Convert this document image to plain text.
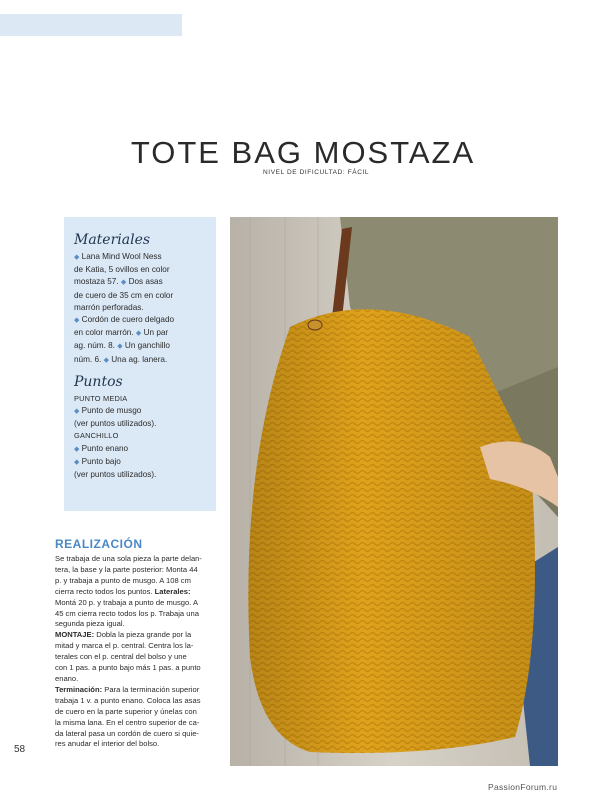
TOTE BAG MOSTAZA
NIVEL DE DIFICULTAD: FÁCIL
Materiales
◆ Lana Mind Wool Ness
de Katia, 5 ovillos en color
mostaza 57. ◆ Dos asas
de cuero de 35 cm en color
marrón perforadas.
◆ Cordón de cuero delgado
en color marrón. ◆ Un par
ag. núm. 8. ◆ Un ganchillo
núm. 6. ◆ Una ag. lanera.
Puntos
PUNTO MEDIA
◆ Punto de musgo
(ver puntos utilizados).
GANCHILLO
◆ Punto enano
◆ Punto bajo
(ver puntos utilizados).
REALIZACIÓN
Se trabaja de una sola pieza la parte delan-
tera, la base y la parte posterior: Monta 44
p. y trabaja a punto de musgo. A 108 cm
cierra recto todos los puntos. Laterales:
Montá 20 p. y trabaja a punto de musgo. A
45 cm cierra recto todos los p. Trabaja una
segunda pieza igual.
MONTAJE: Dobla la pieza grande por la
mitad y marca el p. central. Centra los la-
terales con el p. central del bolso y une
con 1 pas. a punto bajo más 1 pas. a punto
enano.
Terminación: Para la terminación superior
trabaja 1 v. a punto enano. Coloca las asas
de cuero en la parte superior y únelas con
la misma lana. En el centro superior de ca-
da lateral pasa un cordón de cuero si quie-
res anudar el interior del bolso.
58
PassionForum.ru
